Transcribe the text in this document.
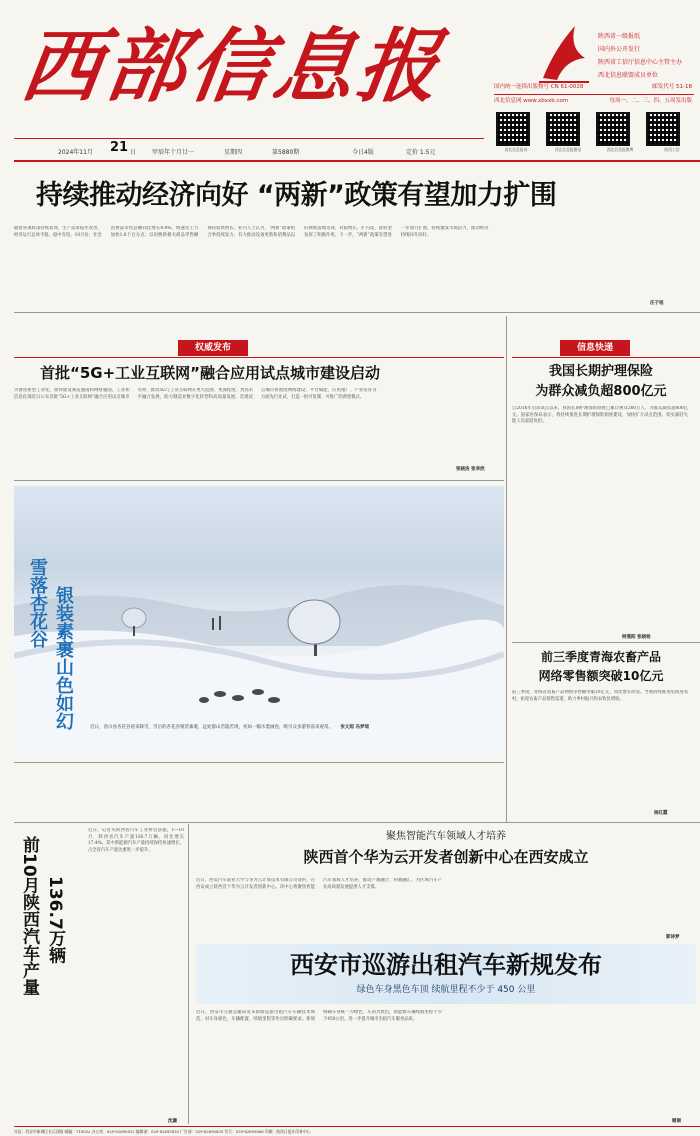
西部信息报	陕西省一级报纸
国内外公开发行
陕西省工信厅信息中心主管主办
西北信息联盟成员单位
国内统一连续出版物号 CN 61-0028	邮发代号 51-18
西北信息网 www.xbxxb.com	每周一、二、三、四、五周发出版
西北信息报网	西北信息报微信	西北信息报微博	陕西工信
2024年11月 21 日	甲辰年十月廿一	星期四	第5880期	今日4版	定价 1.5元
持续推动经济向好 “两新”政策有望加力扩围
随着各项政策持续显效，生产需求稳步改善，经济运行总体平稳、稳中有进。10月份，社会消费品零售总额同比增长4.8%，增速比上月加快1.6个百分点；以旧换新相关商品零售额保持较快增长。业内人士认为，“两新”政策组合拳持续发力，有力推动设备更新和消费品以旧换新落地见效，对稳增长、扩内需、促转型发挥了积极作用。下一步，“两新”政策有望进一步加力扩围，持续激发市场活力，推动经济持续回升向好。
汪子旭
权威发布
首批“5G+工业互联网”融合应用试点城市建设启动
为推进新型工业化、加快建设制造强国和网络强国，工业和信息化部近日公布首批“5G+工业互联网”融合应用试点城市名单，推动5G与工业互联网在更大范围、更深程度、更高水平融合发展，助力制造业数字化转型和高质量发展。首批试点城市将围绕网络建设、平台赋能、应用推广、产业培育等方面先行先试，打造一批可复制、可推广的典型模式。
张晓洁 张幸欣
雪落杏花谷 银装素裹山色如幻	近日，洛川县杏花谷迎来降雪，雪后的杏花谷银装素裹，远处群山若隐若现，宛如一幅水墨画卷，吸引众多游客前来观赏。 张文超 冯梦瑶
信息快递
我国长期护理保险
为群众减负超800亿元
自2016年启动试点以来，我国长期护理保险制度已累计惠及260万人，为群众减负超800亿元。国家医保局表示，将持续推进长期护理保险制度建设，加快扩大试点范围，切实减轻失能人员家庭负担。
柯燕阳 张晓杨
前三季度青海农畜产品
网络零售额突破10亿元
前三季度，青海省农畜产品网络零售额突破10亿元，同比增长明显。当地持续推进电商进农村，拓宽农畜产品销售渠道，助力乡村振兴和农牧民增收。
杨红霞
前10月陕西汽车产量 136.7万辆
近日，记者从陕西省汽车工业协会获悉，1—10月，陕西省汽车产量136.7万辆，同比增长17.4%。其中新能源汽车产量持续保持快速增长，占全省汽车产量比重进一步提升。
沈谦
聚焦智能汽车领域人才培养
陕西首个华为云开发者创新中心在西安成立
近日，西安汽车职业大学与华为云计算技术有限公司签约，在西安成立陕西首个华为云开发者创新中心。该中心将聚焦智能汽车领域人才培养，推动产教融合、科教融汇，为区域汽车产业高质量发展提供人才支撑。
郭诗梦
西安市巡游出租汽车新规发布
绿色车身黑色车顶 续航里程不少于 450 公里
近日，西安市交通运输局发布新版巡游出租汽车车辆技术规范，对车身颜色、车辆配置、续航里程等作出明确要求。新规明确车身统一为绿色、车顶为黑色，新能源车辆续航里程不少于450公里，进一步提升城市出租汽车服务品质。
姬丽
社址：西安市新城区长乐西路 邮编：710032 办公室：029-82695812 编辑部：029-82695835 广告部：029-82695820 发行：029-82695866 印刷：陕西日报社印务中心
